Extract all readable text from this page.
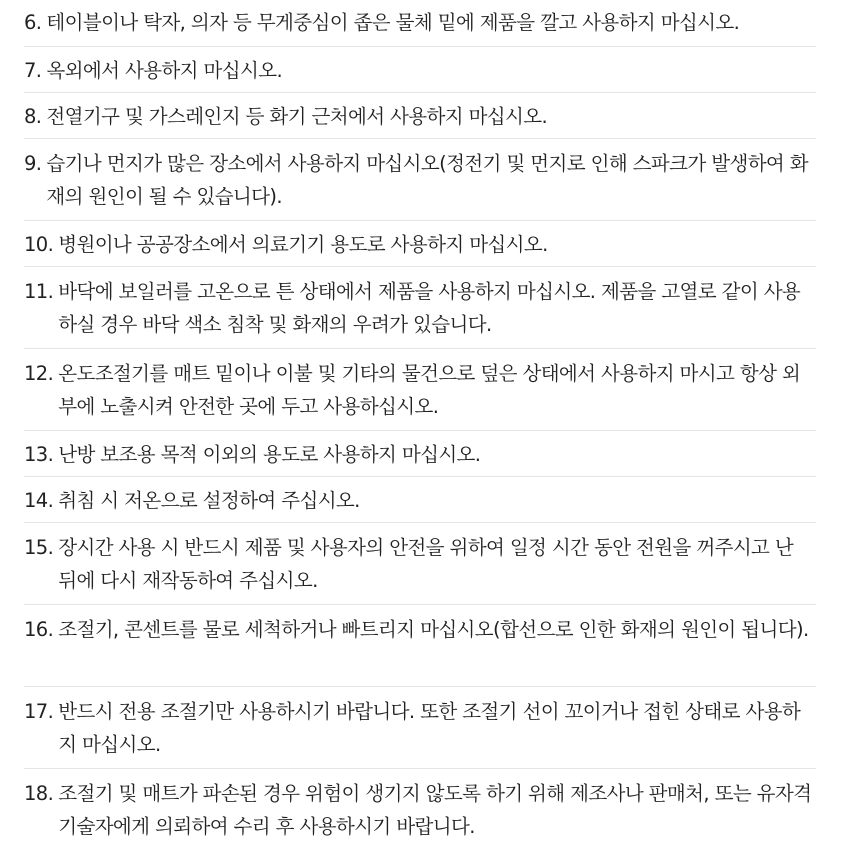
6. 테이블이나 탁자, 의자 등 무게중심이 좁은 물체 밑에 제품을 깔고 사용하지 마십시오.
7. 옥외에서 사용하지 마십시오.
8. 전열기구 및 가스레인지 등 화기 근처에서 사용하지 마십시오.
9. 습기나 먼지가 많은 장소에서 사용하지 마십시오(정전기 및 먼지로 인해 스파크가 발생하여 화재의 원인이 될 수 있습니다).
10. 병원이나 공공장소에서 의료기기 용도로 사용하지 마십시오.
11. 바닥에 보일러를 고온으로 튼 상태에서 제품을 사용하지 마십시오. 제품을 고열로 같이 사용하실 경우 바닥 색소 침착 및 화재의 우려가 있습니다.
12. 온도조절기를 매트 밑이나 이불 및 기타의 물건으로 덮은 상태에서 사용하지 마시고 항상 외부에 노출시켜 안전한 곳에 두고 사용하십시오.
13. 난방 보조용 목적 이외의 용도로 사용하지 마십시오.
14. 취침 시 저온으로 설정하여 주십시오.
15. 장시간 사용 시 반드시 제품 및 사용자의 안전을 위하여 일정 시간 동안 전원을 꺼주시고 난 뒤에 다시 재작동하여 주십시오.
16. 조절기, 콘센트를 물로 세척하거나 빠트리지 마십시오(합선으로 인한 화재의 원인이 됩니다).
17. 반드시 전용 조절기만 사용하시기 바랍니다. 또한 조절기 선이 꼬이거나 접힌 상태로 사용하지 마십시오.
18. 조절기 및 매트가 파손된 경우 위험이 생기지 않도록 하기 위해 제조사나 판매처, 또는 유자격 기술자에게 의뢰하여 수리 후 사용하시기 바랍니다.
